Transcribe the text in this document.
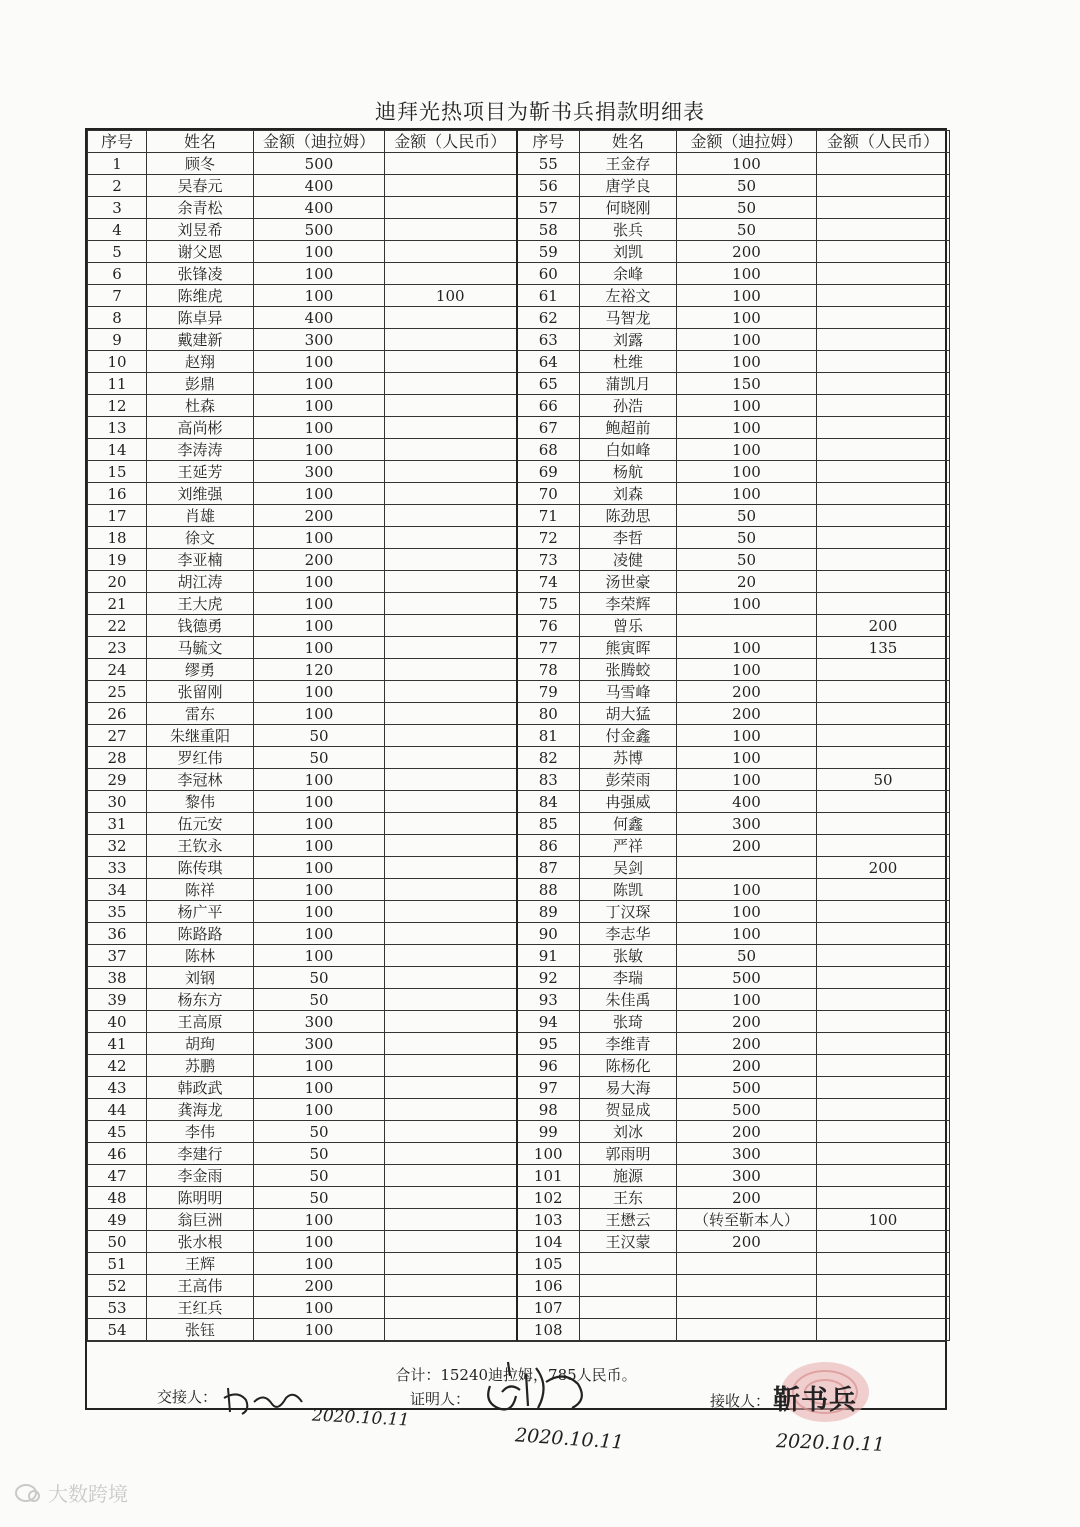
迪拜光热项目为靳书兵捐款明细表
序号	姓名	金额（迪拉姆）	金额（人民币）	序号	姓名	金额（迪拉姆）	金额（人民币）
1	顾冬	500		55	王金存	100	
2	吴春元	400		56	唐学良	50	
3	余青松	400		57	何晓刚	50	
4	刘昱希	500		58	张兵	50	
5	谢父恩	100		59	刘凯	200	
6	张锋凌	100		60	余峰	100	
7	陈维虎	100	100	61	左裕文	100	
8	陈卓异	400		62	马智龙	100	
9	戴建新	300		63	刘露	100	
10	赵翔	100		64	杜维	100	
11	彭鼎	100		65	蒲凯月	150	
12	杜森	100		66	孙浩	100	
13	高尚彬	100		67	鲍超前	100	
14	李涛涛	100		68	白如峰	100	
15	王延芳	300		69	杨航	100	
16	刘维强	100		70	刘森	100	
17	肖雄	200		71	陈劲思	50	
18	徐文	100		72	李哲	50	
19	李亚楠	200		73	凌健	50	
20	胡江涛	100		74	汤世豪	20	
21	王大虎	100		75	李荣辉	100	
22	钱德勇	100		76	曾乐		200
23	马毓文	100		77	熊寅晖	100	135
24	缪勇	120		78	张腾蛟	100	
25	张留刚	100		79	马雪峰	200	
26	雷东	100		80	胡大猛	200	
27	朱继重阳	50		81	付金鑫	100	
28	罗红伟	50		82	苏博	100	
29	李冠林	100		83	彭荣雨	100	50
30	黎伟	100		84	冉强威	400	
31	伍元安	100		85	何鑫	300	
32	王钦永	100		86	严祥	200	
33	陈传琪	100		87	吴剑		200
34	陈祥	100		88	陈凯	100	
35	杨广平	100		89	丁汉琛	100	
36	陈路路	100		90	李志华	100	
37	陈林	100		91	张敏	50	
38	刘钢	50		92	李瑞	500	
39	杨东方	50		93	朱佳禹	100	
40	王高原	300		94	张琦	200	
41	胡珣	300		95	李维青	200	
42	苏鹏	100		96	陈杨化	200	
43	韩政武	100		97	易大海	500	
44	龚海龙	100		98	贺显成	500	
45	李伟	50		99	刘冰	200	
46	李建行	50		100	郭雨明	300	
47	李金雨	50		101	施源	300	
48	陈明明	50		102	王东	200	
49	翁巨洲	100		103	王懋云	（转至靳本人）	100
50	张水根	100		104	王汉蒙	200	
51	王辉	100		105			
52	王高伟	200		106			
53	王红兵	100		107			
54	张钰	100		108			
合计：15240迪拉姆，785人民币。
交接人：
2020.10.11
证明人：
2020.10.11
接收人： 靳书兵
2020.10.11
大数跨境
